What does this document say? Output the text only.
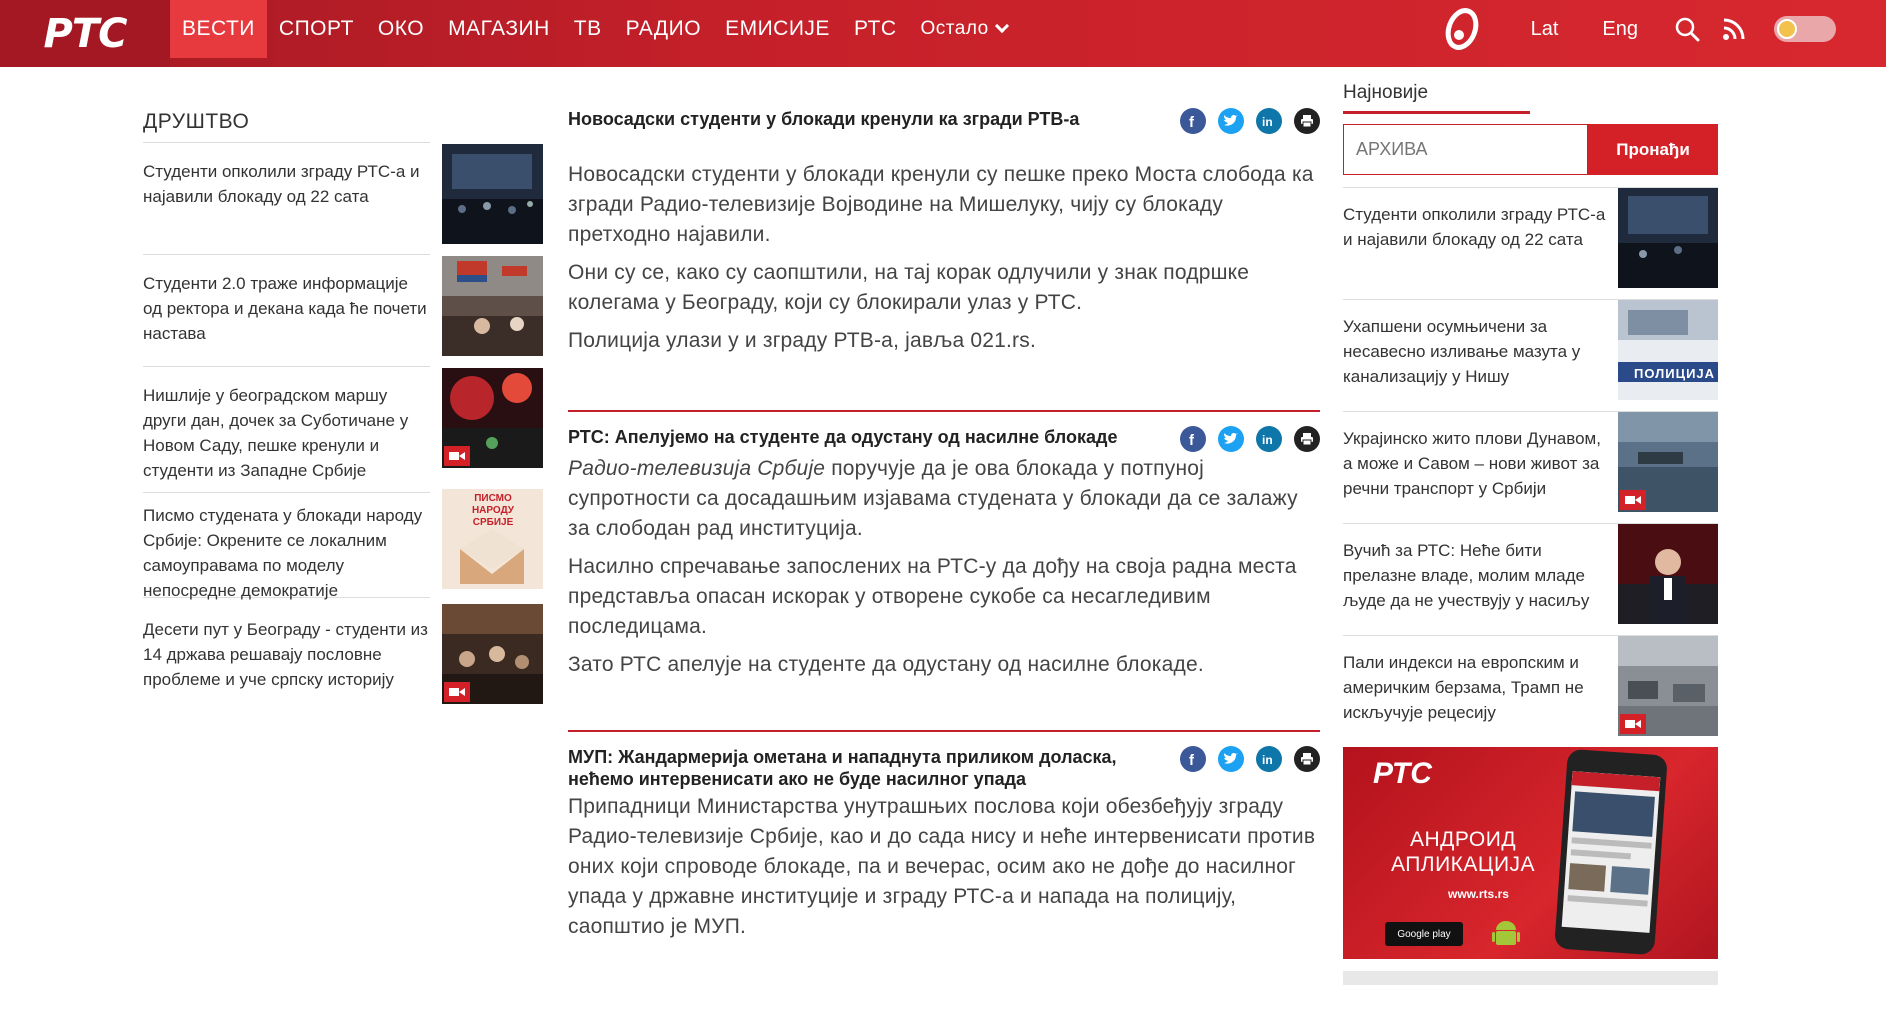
РТС	ВЕСТИ	СПОРТ	ОКО	МАГАЗИН	ТВ	РАДИО	ЕМИСИЈЕ	РТС	Остало	Lat Eng
ДРУШТВО
Студенти опколили зграду РТС-а и најавили блокаду од 22 сата
Студенти 2.0 траже информације од ректора и декана када ће почети настава
Нишлије у београдском маршу други дан, дочек за Суботичане у Новом Саду, пешке кренули и студенти из Западне Србије
Писмо студената у блокади народу Србије: Окрените се локалним самоуправама по моделу непосредне демократије
ПИСМО НАРОДУ СРБИЈЕ
Десети пут у Београду - студенти из 14 држава решавају пословне проблеме и уче српску историју
Новосадски студенти у блокади кренули ка згради РТВ-а	f	in

Новосадски студенти у блокади кренули су пешке преко Моста слобода ка згради Радио-телевизије Војводине на Мишелуку, чију су блокаду претходно најавили.

Они су се, како су саопштили, на тај корак одлучили у знак подршке колегама у Београду, који су блокирали улаз у РТС.

Полиција улази у и зграду РТВ-а, јавља 021.rs.

РТС: Апелујемо на студенте да одустану од насилне блокаде	f	in

Радио-телевизија Србије поручује да је ова блокада у потпуној супротности са досадашњим изјавама студената у блокади да се залажу за слободан рад институција.

Насилно спречавање запослених на РТС-у да дођу на своја радна места представља опасан искорак у отворене сукобе са несагледивим последицама.

Зато РТС апелује на студенте да одустану од насилне блокаде.

МУП: Жандармерија ометана и нападнута приликом доласка, нећемо интервенисати ако не буде насилног упада
f	in

Припадници Министарства унутрашњих послова који обезбеђују зграду Радио-телевизије Србије, као и до сада нису и неће интервенисати против оних који спроводе блокаде, па и вечерас, осим ако не дође до насилног упада у државне институције и зграду РТС-а и напада на полицију, саопштио је МУП.

Најновије
АРХИВА
Пронађи
Студенти опколили зграду РТС-а и најавили блокаду од 22 сата
Ухапшени осумњичени за несавесно изливање мазута у канализацију у Нишу	ПОЛИЦИЈА
Украјинско жито плови Дунавом, а може и Савом – нови живот за речни транспорт у Србији
Вучић за РТС: Неће бити прелазне владе, молим младе људе да не учествују у насиљу
Пали индекси на европским и америчким берзама, Трамп не искључује рецесију
РТС
АНДРОИД АПЛИКАЦИЈА
www.rts.rs
Google play
